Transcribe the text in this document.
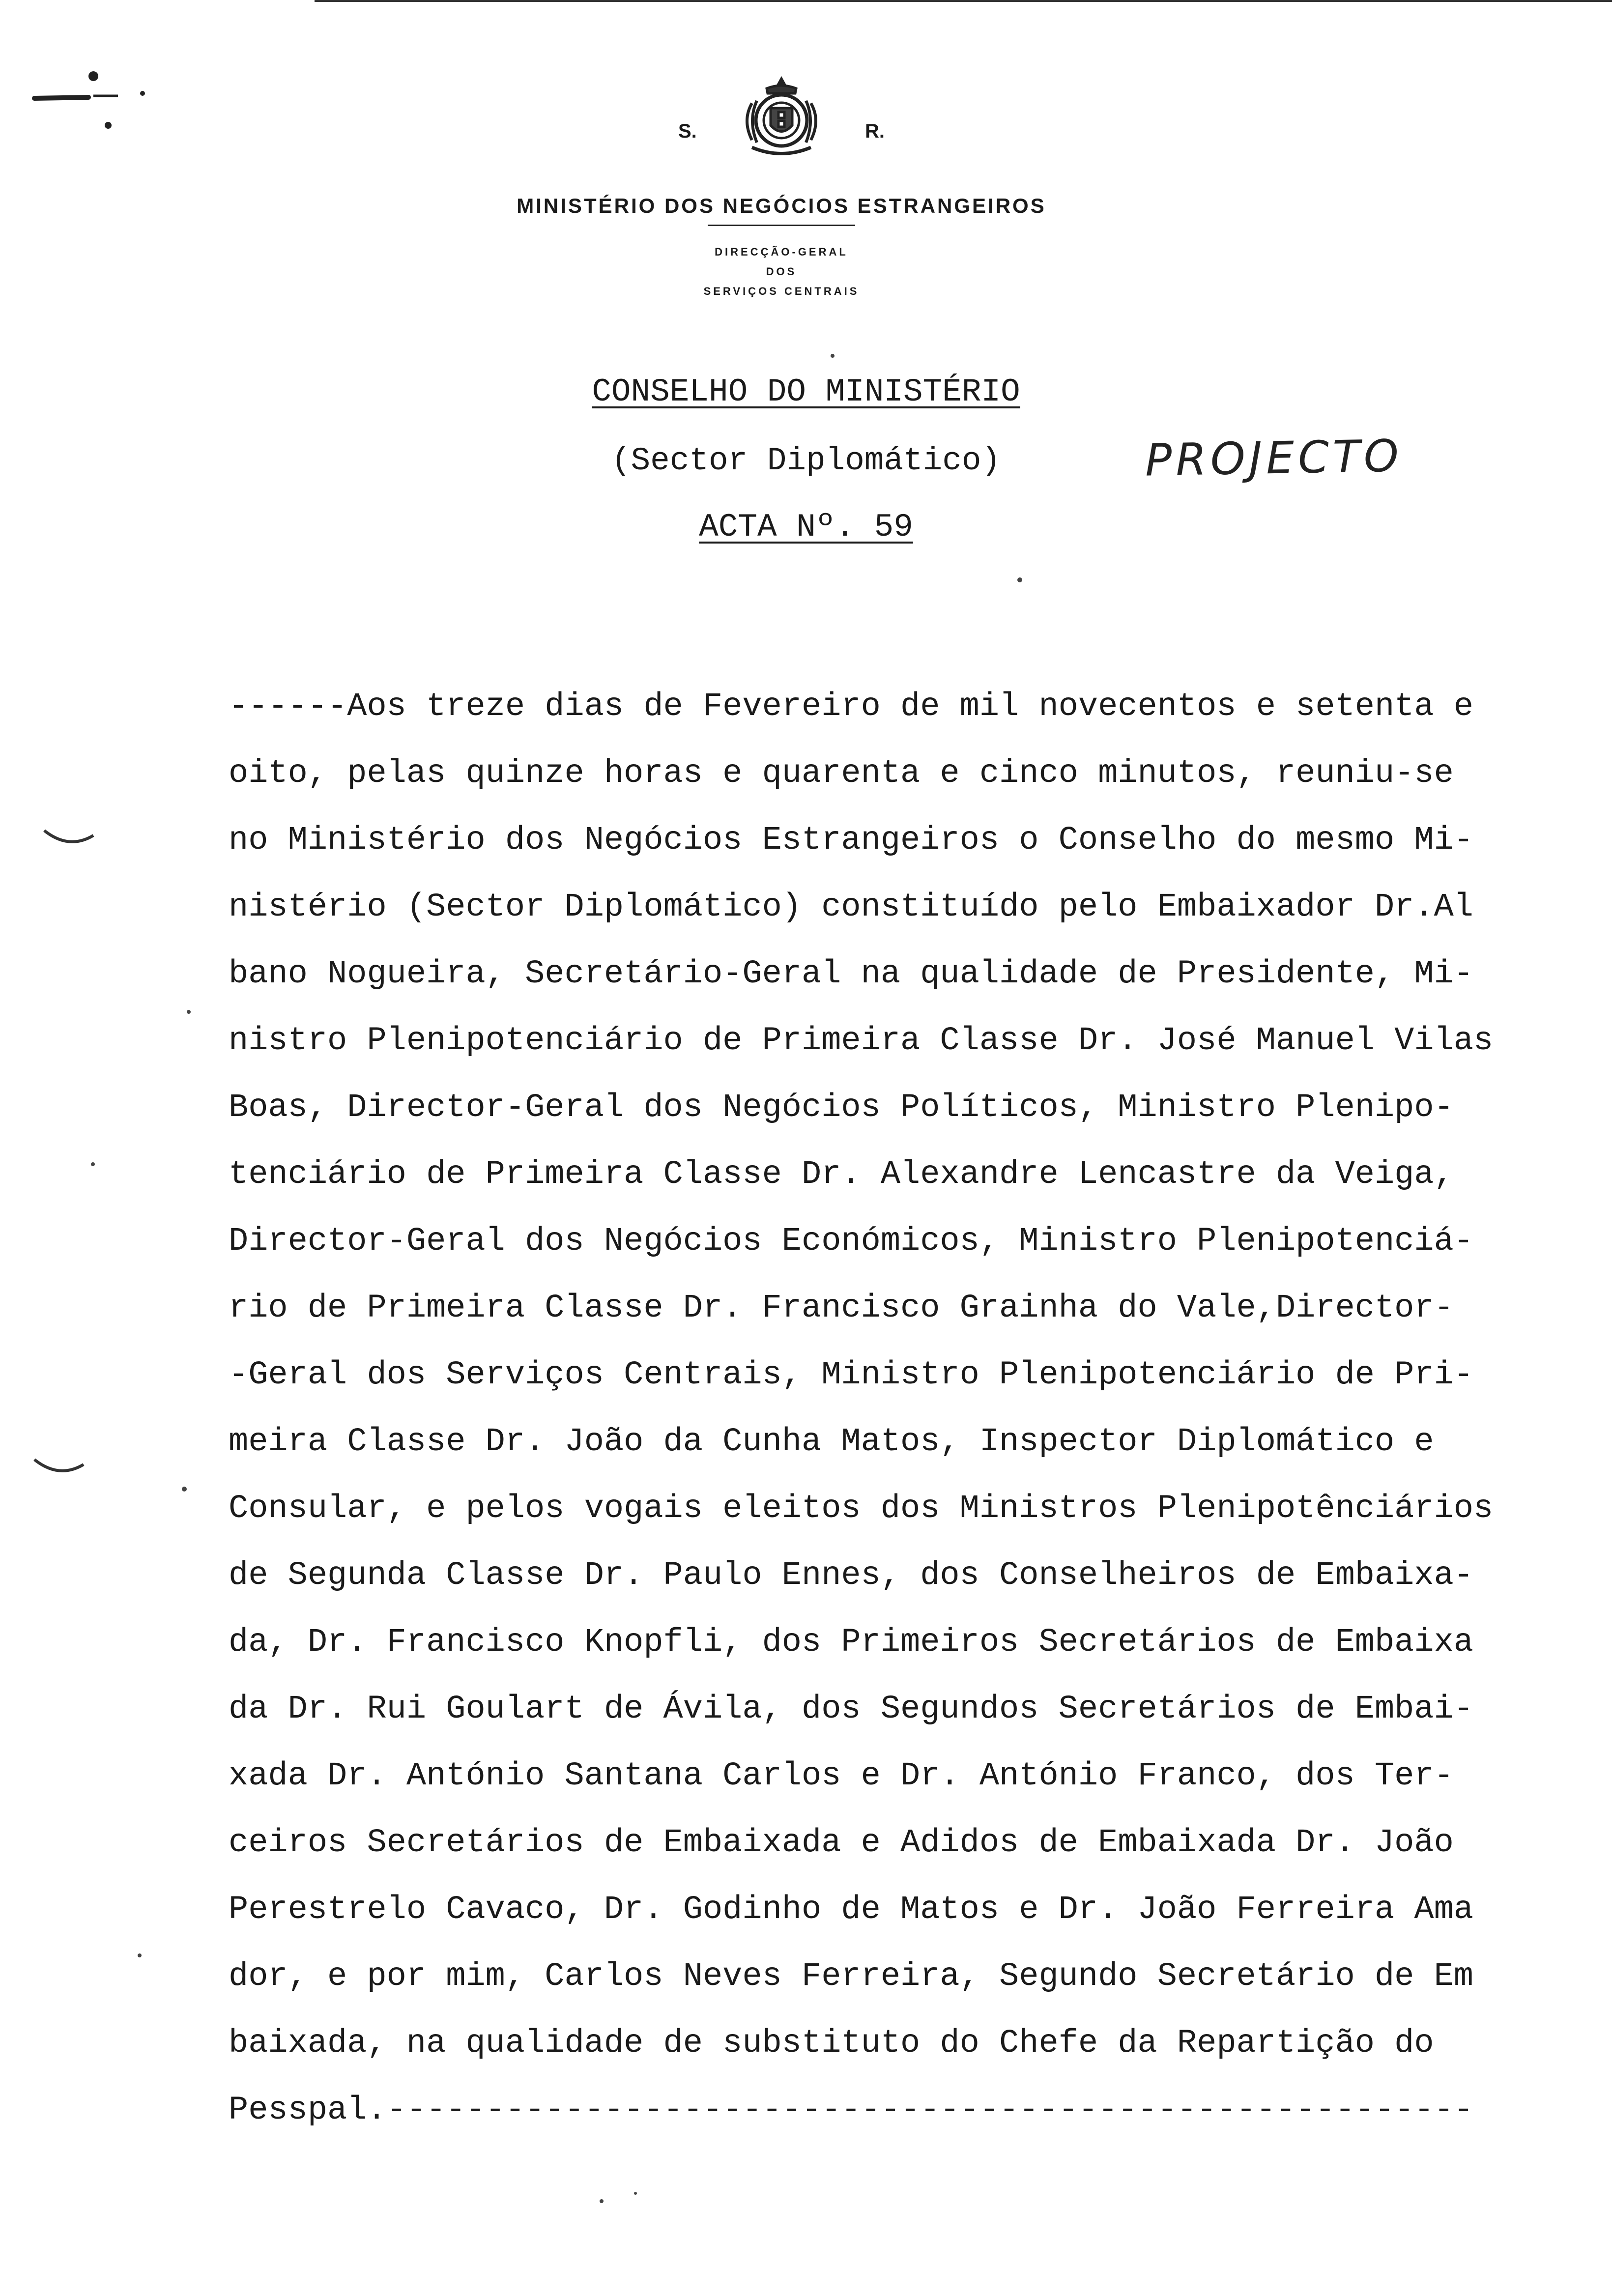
S.	R.
MINISTÉRIO DOS NEGÓCIOS ESTRANGEIROS
DIRECÇÃO-GERAL
DOS
SERVIÇOS CENTRAIS
CONSELHO DO MINISTÉRIO
(Sector Diplomático)
ACTA Nº. 59
PROJECTO
------Aos treze dias de Fevereiro de mil novecentos e setenta e
oito, pelas quinze horas e quarenta e cinco minutos, reuniu-se
no Ministério dos Negócios Estrangeiros o Conselho do mesmo Mi-
nistério (Sector Diplomático) constituído pelo Embaixador Dr.Al
bano Nogueira, Secretário-Geral na qualidade de Presidente, Mi-
nistro Plenipotenciário de Primeira Classe Dr. José Manuel Vilas
Boas, Director-Geral dos Negócios Políticos, Ministro Plenipo-
tenciário de Primeira Classe Dr. Alexandre Lencastre da Veiga,
Director-Geral dos Negócios Económicos, Ministro Plenipotenciá-
rio de Primeira Classe Dr. Francisco Grainha do Vale,Director-
-Geral dos Serviços Centrais, Ministro Plenipotenciário de Pri-
meira Classe Dr. João da Cunha Matos, Inspector Diplomático e
Consular, e pelos vogais eleitos dos Ministros Plenipotênciários
de Segunda Classe Dr. Paulo Ennes, dos Conselheiros de Embaixa-
da, Dr. Francisco Knopfli, dos Primeiros Secretários de Embaixa
da Dr. Rui Goulart de Ávila, dos Segundos Secretários de Embai-
xada Dr. António Santana Carlos e Dr. António Franco, dos Ter-
ceiros Secretários de Embaixada e Adidos de Embaixada Dr. João
Perestrelo Cavaco, Dr. Godinho de Matos e Dr. João Ferreira Ama
dor, e por mim, Carlos Neves Ferreira, Segundo Secretário de Em
baixada, na qualidade de substituto do Chefe da Repartição do
Pesspal.-------------------------------------------------------
